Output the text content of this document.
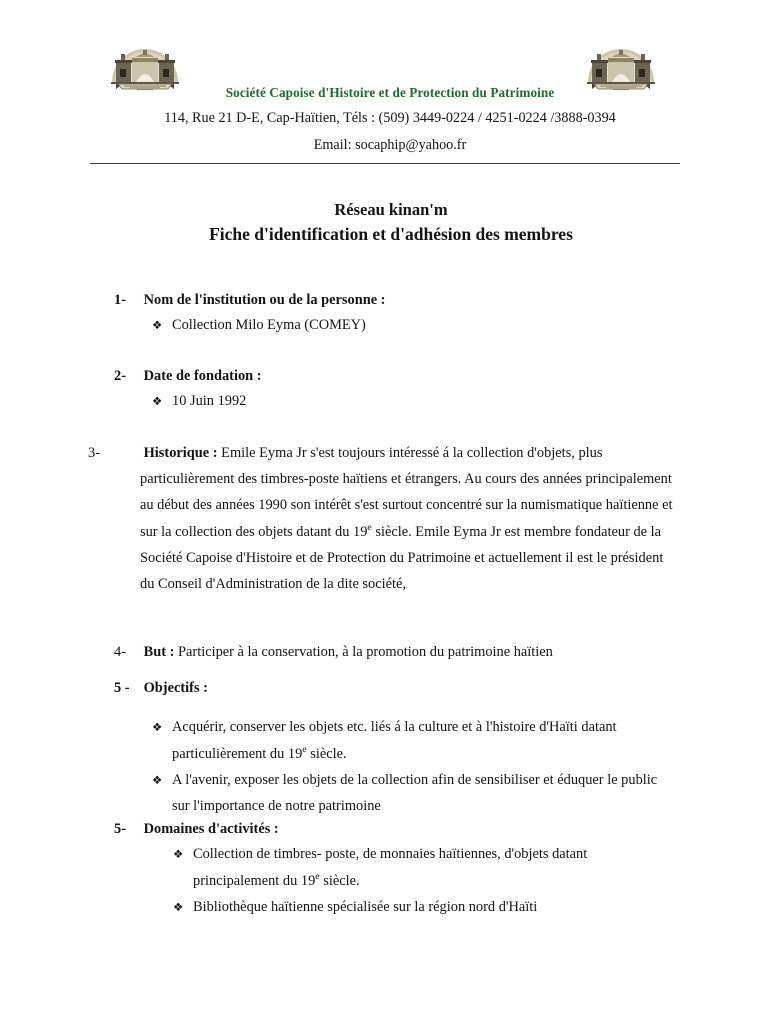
Société Capoise d'Histoire et de Protection du Patrimoine
114, Rue 21 D-E, Cap-Haïtien, Téls : (509) 3449-0224 / 4251-0224 /3888-0394
Email: socaphip@yahoo.fr
Réseau kinan'm
Fiche d'identification et d'adhésion des membres
1- Nom de l'institution ou de la personne :
❖ Collection Milo Eyma (COMEY)
2- Date de fondation :
❖ 10 Juin 1992
3-	Historique : Emile Eyma Jr s'est toujours intéressé á la collection d'objets, plus particulièrement des timbres-poste haïtiens et étrangers. Au cours des années principalement au début des années 1990 son intérêt s'est surtout concentré sur la numismatique haïtienne et sur la collection des objets datant du 19e siècle. Emile Eyma Jr est membre fondateur de la Société Capoise d'Histoire et de Protection du Patrimoine et actuellement il est le président du Conseil d'Administration de la dite société,
4- But : Participer à la conservation, à la promotion du patrimoine haïtien
5 - Objectifs :
❖ Acquérir, conserver les objets etc. liés á la culture et à l'histoire d'Haïti datant particulièrement du 19e siècle.
❖ A l'avenir, exposer les objets de la collection afin de sensibiliser et éduquer le public sur l'importance de notre patrimoine
5- Domaines d'activités :
❖ Collection de timbres- poste, de monnaies haïtiennes, d'objets datant principalement du 19e siècle.
❖ Bibliothèque haïtienne spécialisée sur la région nord d'Haïti
